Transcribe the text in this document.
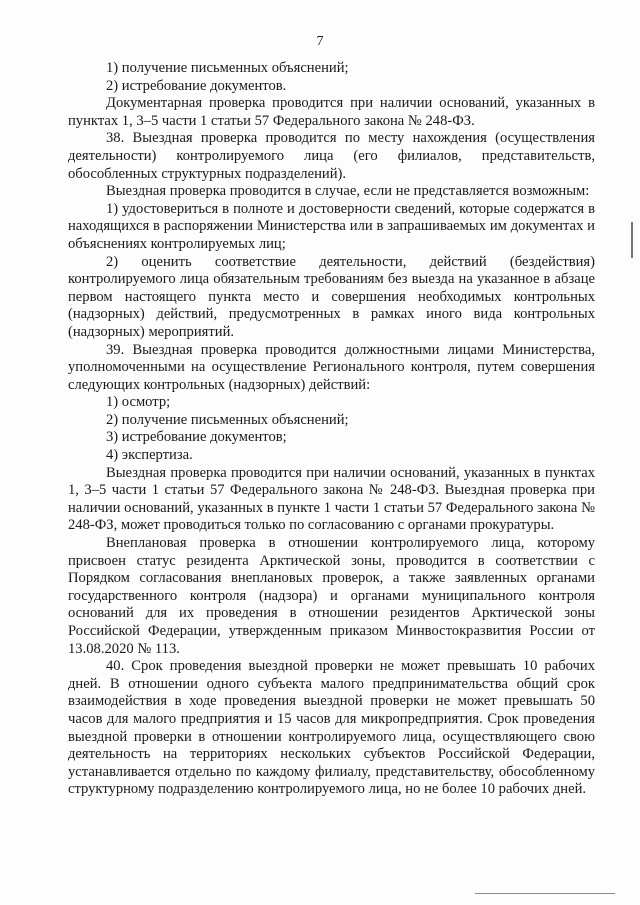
7

1) получение письменных объяснений;

2) истребование документов.

Документарная проверка проводится при наличии оснований, указанных в пунктах 1, 3–5 части 1 статьи 57 Федерального закона № 248-ФЗ.

38. Выездная проверка проводится по месту нахождения (осуществления деятельности) контролируемого лица (его филиалов, представительств, обособленных структурных подразделений).

Выездная проверка проводится в случае, если не представляется возможным:

1) удостовериться в полноте и достоверности сведений, которые содержатся в находящихся в распоряжении Министерства или в запрашиваемых им документах и объяснениях контролируемых лиц;

2) оценить соответствие деятельности, действий (бездействия) контролируемого лица обязательным требованиям без выезда на указанное в абзаце первом настоящего пункта место и совершения необходимых контрольных (надзорных) действий, предусмотренных в рамках иного вида контрольных (надзорных) мероприятий.

39. Выездная проверка проводится должностными лицами Министерства, уполномоченными на осуществление Регионального контроля, путем совершения следующих контрольных (надзорных) действий:

1) осмотр;

2) получение письменных объяснений;

3) истребование документов;

4) экспертиза.

Выездная проверка проводится при наличии оснований, указанных в пунктах 1, 3–5 части 1 статьи 57 Федерального закона № 248-ФЗ. Выездная проверка при наличии оснований, указанных в пункте 1 части 1 статьи 57 Федерального закона № 248-ФЗ, может проводиться только по согласованию с органами прокуратуры.

Внеплановая проверка в отношении контролируемого лица, которому присвоен статус резидента Арктической зоны, проводится в соответствии с Порядком согласования внеплановых проверок, а также заявленных органами государственного контроля (надзора) и органами муниципального контроля оснований для их проведения в отношении резидентов Арктической зоны Российской Федерации, утвержденным приказом Минвостокразвития России от 13.08.2020 № 113.

40. Срок проведения выездной проверки не может превышать 10 рабочих дней. В отношении одного субъекта малого предпринимательства общий срок взаимодействия в ходе проведения выездной проверки не может превышать 50 часов для малого предприятия и 15 часов для микропредприятия. Срок проведения выездной проверки в отношении контролируемого лица, осуществляющего свою деятельность на территориях нескольких субъектов Российской Федерации, устанавливается отдельно по каждому филиалу, представительству, обособленному структурному подразделению контролируемого лица, но не более 10 рабочих дней.
